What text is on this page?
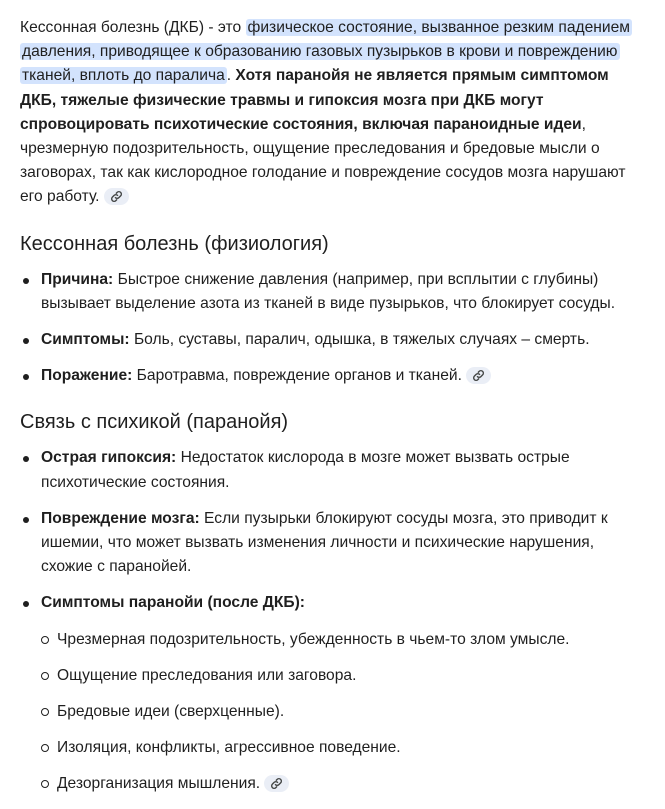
Кессонная болезнь (ДКБ) - это физическое состояние, вызванное резким падением давления, приводящее к образованию газовых пузырьков в крови и повреждению тканей, вплоть до паралича . Хотя паранойя не является прямым симптомом ДКБ, тяжелые физические травмы и гипоксия мозга при ДКБ могут спровоцировать психотические состояния, включая параноидные идеи, чрезмерную подозрительность, ощущение преследования и бредовые мысли о заговорах, так как кислородное голодание и повреждение сосудов мозга нарушают его работу.

Кессонная болезнь (физиология)
Причина: Быстрое снижение давления (например, при всплытии с глубины) вызывает выделение азота из тканей в виде пузырьков, что блокирует сосуды.
Симптомы: Боль, суставы, паралич, одышка, в тяжелых случаях – смерть.
Поражение: Баротравма, повреждение органов и тканей.
Связь с психикой (паранойя)
Острая гипоксия: Недостаток кислорода в мозге может вызвать острые психотические состояния.
Повреждение мозга: Если пузырьки блокируют сосуды мозга, это приводит к ишемии, что может вызвать изменения личности и психические нарушения, схожие с паранойей.
Симптомы паранойи (после ДКБ):
Чрезмерная подозрительность, убежденность в чьем-то злом умысле.
Ощущение преследования или заговора.
Бредовые идеи (сверхценные).
Изоляция, конфликты, агрессивное поведение.
Дезорганизация мышления.
